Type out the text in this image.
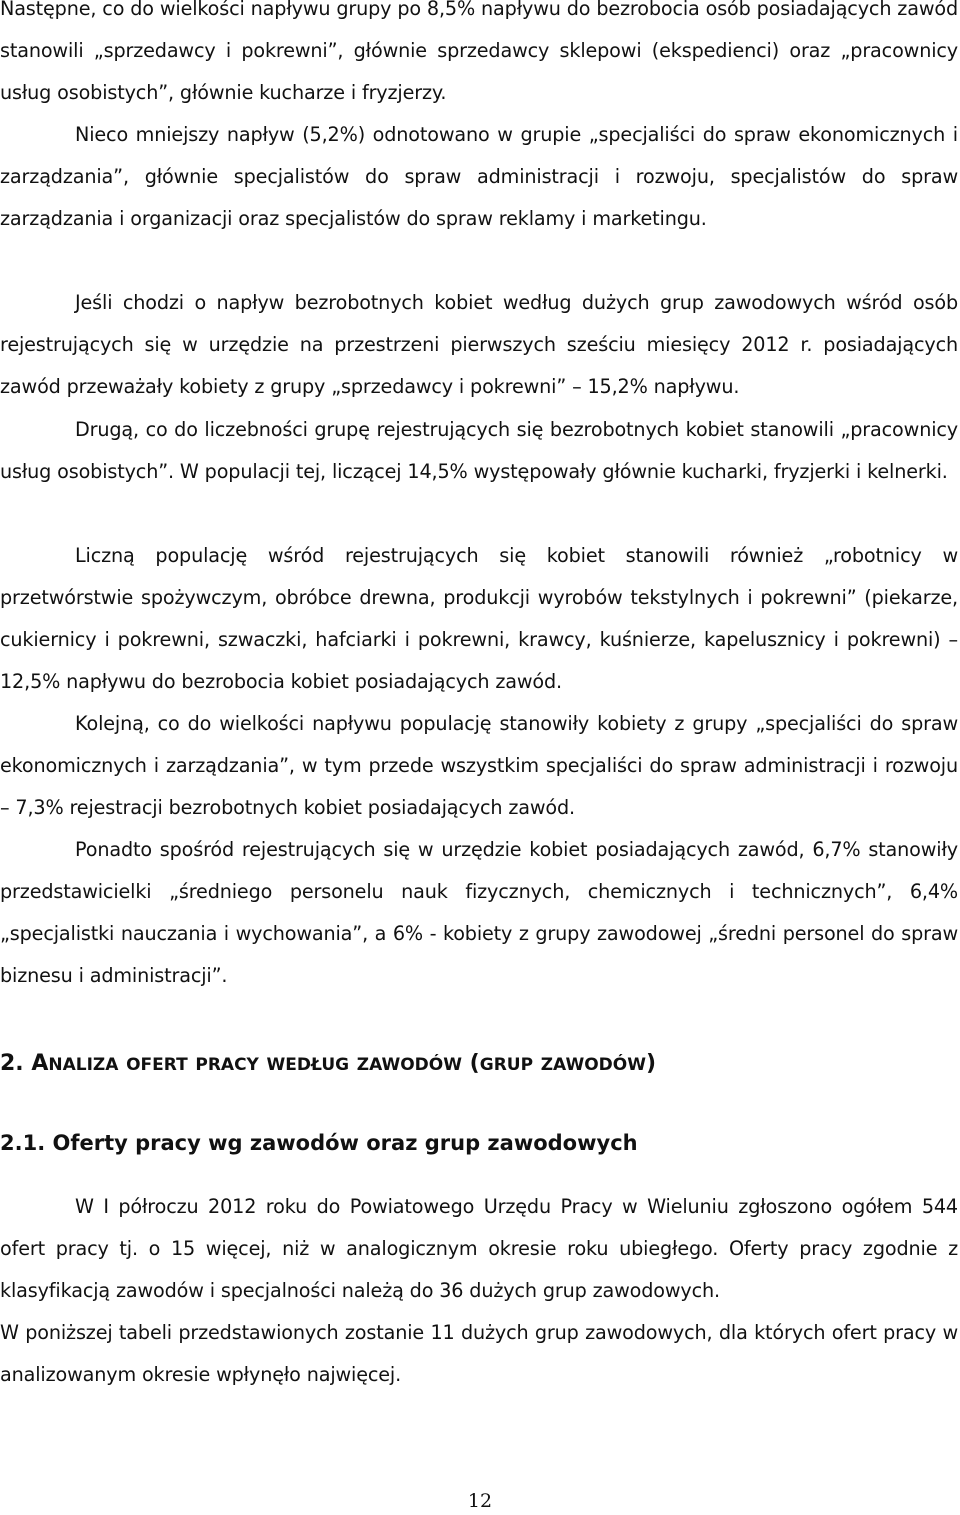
Następne, co do wielkości napływu grupy po 8,5% napływu do bezrobocia osób posiadających zawód stanowili „sprzedawcy i pokrewni”, głównie sprzedawcy sklepowi (ekspedienci) oraz „pracownicy usług osobistych”, głównie kucharze i fryzjerzy.

Nieco mniejszy napływ (5,2%) odnotowano w grupie „specjaliści do spraw ekonomicznych i zarządzania”, głównie specjalistów do spraw administracji i rozwoju, specjalistów do spraw zarządzania i organizacji oraz specjalistów do spraw reklamy i marketingu.

Jeśli chodzi o napływ bezrobotnych kobiet według dużych grup zawodowych wśród osób rejestrujących się w urzędzie na przestrzeni pierwszych sześciu miesięcy 2012 r. posiadających zawód przeważały kobiety z grupy „sprzedawcy i pokrewni” – 15,2% napływu.

Drugą, co do liczebności grupę rejestrujących się bezrobotnych kobiet stanowili „pracownicy usług osobistych”. W populacji tej, liczącej 14,5% występowały głównie kucharki, fryzjerki i kelnerki.

Liczną populację wśród rejestrujących się kobiet stanowili również „robotnicy w przetwórstwie spożywczym, obróbce drewna, produkcji wyrobów tekstylnych i pokrewni” (piekarze, cukiernicy i pokrewni, szwaczki, hafciarki i pokrewni, krawcy, kuśnierze, kapelusznicy i pokrewni) – 12,5% napływu do bezrobocia kobiet posiadających zawód.

Kolejną, co do wielkości napływu populację stanowiły kobiety z grupy „specjaliści do spraw ekonomicznych i zarządzania”, w tym przede wszystkim specjaliści do spraw administracji i rozwoju – 7,3% rejestracji bezrobotnych kobiet posiadających zawód.

Ponadto spośród rejestrujących się w urzędzie kobiet posiadających zawód, 6,7% stanowiły przedstawicielki „średniego personelu nauk fizycznych, chemicznych i technicznych”, 6,4% „specjalistki nauczania i wychowania”, a 6% - kobiety z grupy zawodowej „średni personel do spraw biznesu i administracji”.

2. ANALIZA OFERT PRACY WEDŁUG ZAWODÓW (GRUP ZAWODÓW)
2.1. Oferty pracy wg zawodów oraz grup zawodowych

W I półroczu 2012 roku do Powiatowego Urzędu Pracy w Wieluniu zgłoszono ogółem 544 ofert pracy tj. o 15 więcej, niż w analogicznym okresie roku ubiegłego. Oferty pracy zgodnie z klasyfikacją zawodów i specjalności należą do 36 dużych grup zawodowych.

W poniższej tabeli przedstawionych zostanie 11 dużych grup zawodowych, dla których ofert pracy w analizowanym okresie wpłynęło najwięcej.

12
